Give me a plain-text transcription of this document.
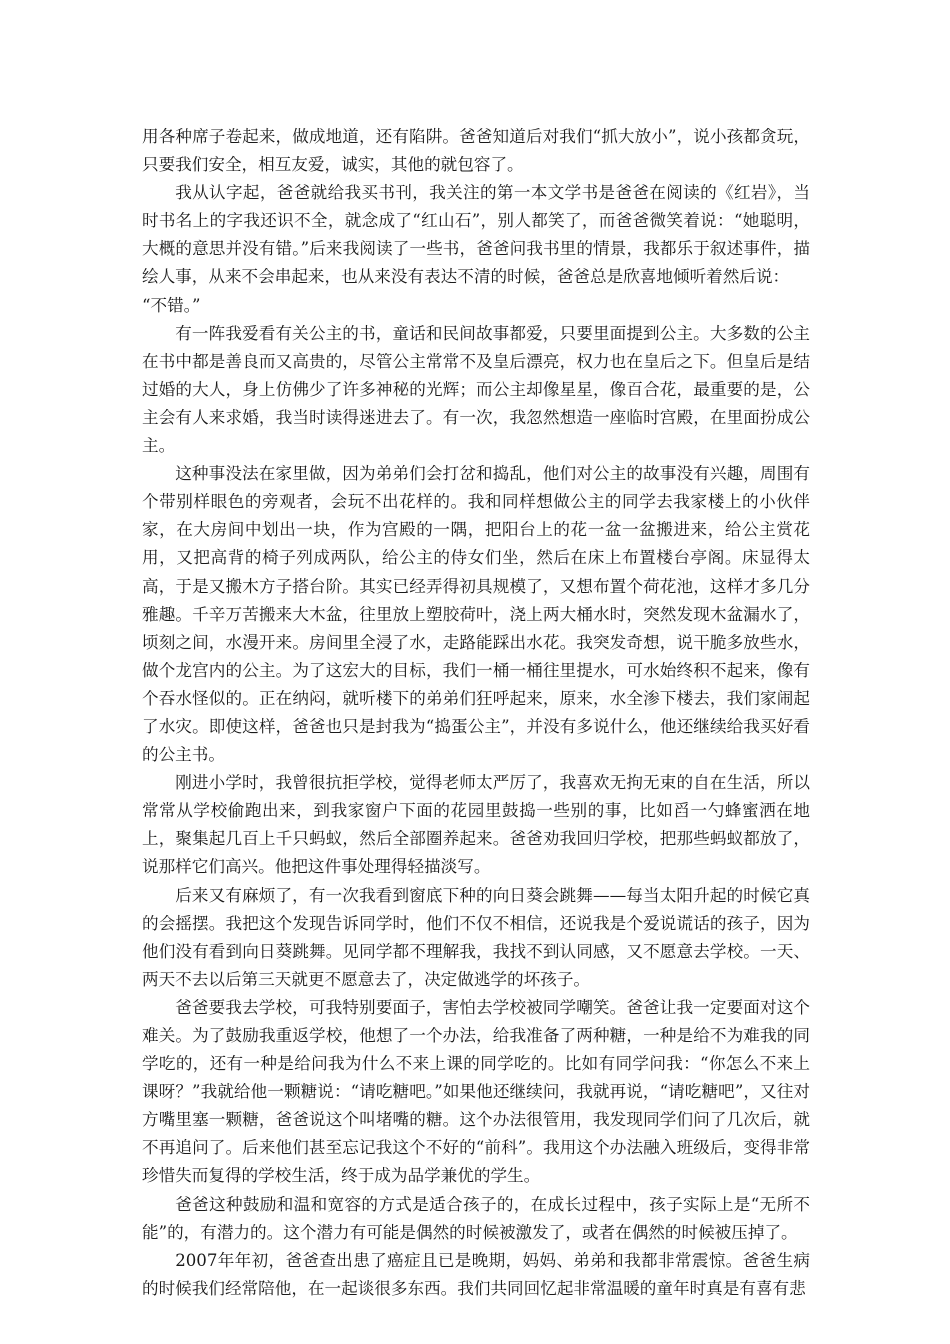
用各种席子卷起来，做成地道，还有陷阱。爸爸知道后对我们“抓大放小”，说小孩都贪玩，只要我们安全，相互友爱，诚实，其他的就包容了。

我从认字起，爸爸就给我买书刊，我关注的第一本文学书是爸爸在阅读的《红岩》，当时书名上的字我还识不全，就念成了“红山石”，别人都笑了，而爸爸微笑着说：“她聪明，大概的意思并没有错。”后来我阅读了一些书，爸爸问我书里的情景，我都乐于叙述事件，描绘人事，从来不会串起来，也从来没有表达不清的时候，爸爸总是欣喜地倾听着然后说：

“不错。”

有一阵我爱看有关公主的书，童话和民间故事都爱，只要里面提到公主。大多数的公主在书中都是善良而又高贵的，尽管公主常常不及皇后漂亮，权力也在皇后之下。但皇后是结过婚的大人，身上仿佛少了许多神秘的光辉；而公主却像星星，像百合花，最重要的是，公主会有人来求婚，我当时读得迷进去了。有一次，我忽然想造一座临时宫殿，在里面扮成公主。

这种事没法在家里做，因为弟弟们会打岔和捣乱，他们对公主的故事没有兴趣，周围有个带别样眼色的旁观者，会玩不出花样的。我和同样想做公主的同学去我家楼上的小伙伴家，在大房间中划出一块，作为宫殿的一隅，把阳台上的花一盆一盆搬进来，给公主赏花用，又把高背的椅子列成两队，给公主的侍女们坐，然后在床上布置楼台亭阁。床显得太高，于是又搬木方子搭台阶。其实已经弄得初具规模了，又想布置个荷花池，这样才多几分雅趣。千辛万苦搬来大木盆，往里放上塑胶荷叶，浇上两大桶水时，突然发现木盆漏水了，顷刻之间，水漫开来。房间里全浸了水，走路能踩出水花。我突发奇想，说干脆多放些水，做个龙宫内的公主。为了这宏大的目标，我们一桶一桶往里提水，可水始终积不起来，像有个吞水怪似的。正在纳闷，就听楼下的弟弟们狂呼起来，原来，水全渗下楼去，我们家闹起了水灾。即使这样，爸爸也只是封我为“捣蛋公主”，并没有多说什么，他还继续给我买好看的公主书。

刚进小学时，我曾很抗拒学校，觉得老师太严厉了，我喜欢无拘无束的自在生活，所以常常从学校偷跑出来，到我家窗户下面的花园里鼓捣一些别的事，比如舀一勺蜂蜜洒在地上，聚集起几百上千只蚂蚁，然后全部圈养起来。爸爸劝我回归学校，把那些蚂蚁都放了，说那样它们高兴。他把这件事处理得轻描淡写。

后来又有麻烦了，有一次我看到窗底下种的向日葵会跳舞——每当太阳升起的时候它真的会摇摆。我把这个发现告诉同学时，他们不仅不相信，还说我是个爱说谎话的孩子，因为他们没有看到向日葵跳舞。见同学都不理解我，我找不到认同感，又不愿意去学校。一天、两天不去以后第三天就更不愿意去了，决定做逃学的坏孩子。

爸爸要我去学校，可我特别要面子，害怕去学校被同学嘲笑。爸爸让我一定要面对这个难关。为了鼓励我重返学校，他想了一个办法，给我准备了两种糖，一种是给不为难我的同学吃的，还有一种是给问我为什么不来上课的同学吃的。比如有同学问我：“你怎么不来上课呀？”我就给他一颗糖说：“请吃糖吧。”如果他还继续问，我就再说，“请吃糖吧”，又往对方嘴里塞一颗糖，爸爸说这个叫堵嘴的糖。这个办法很管用，我发现同学们问了几次后，就不再追问了。后来他们甚至忘记我这个不好的“前科”。我用这个办法融入班级后，变得非常珍惜失而复得的学校生活，终于成为品学兼优的学生。

爸爸这种鼓励和温和宽容的方式是适合孩子的，在成长过程中，孩子实际上是“无所不能”的，有潜力的。这个潜力有可能是偶然的时候被激发了，或者在偶然的时候被压掉了。

2007年年初，爸爸查出患了癌症且已是晚期，妈妈、弟弟和我都非常震惊。爸爸生病的时候我们经常陪他，在一起谈很多东西。我们共同回忆起非常温暖的童年时真是有喜有悲
